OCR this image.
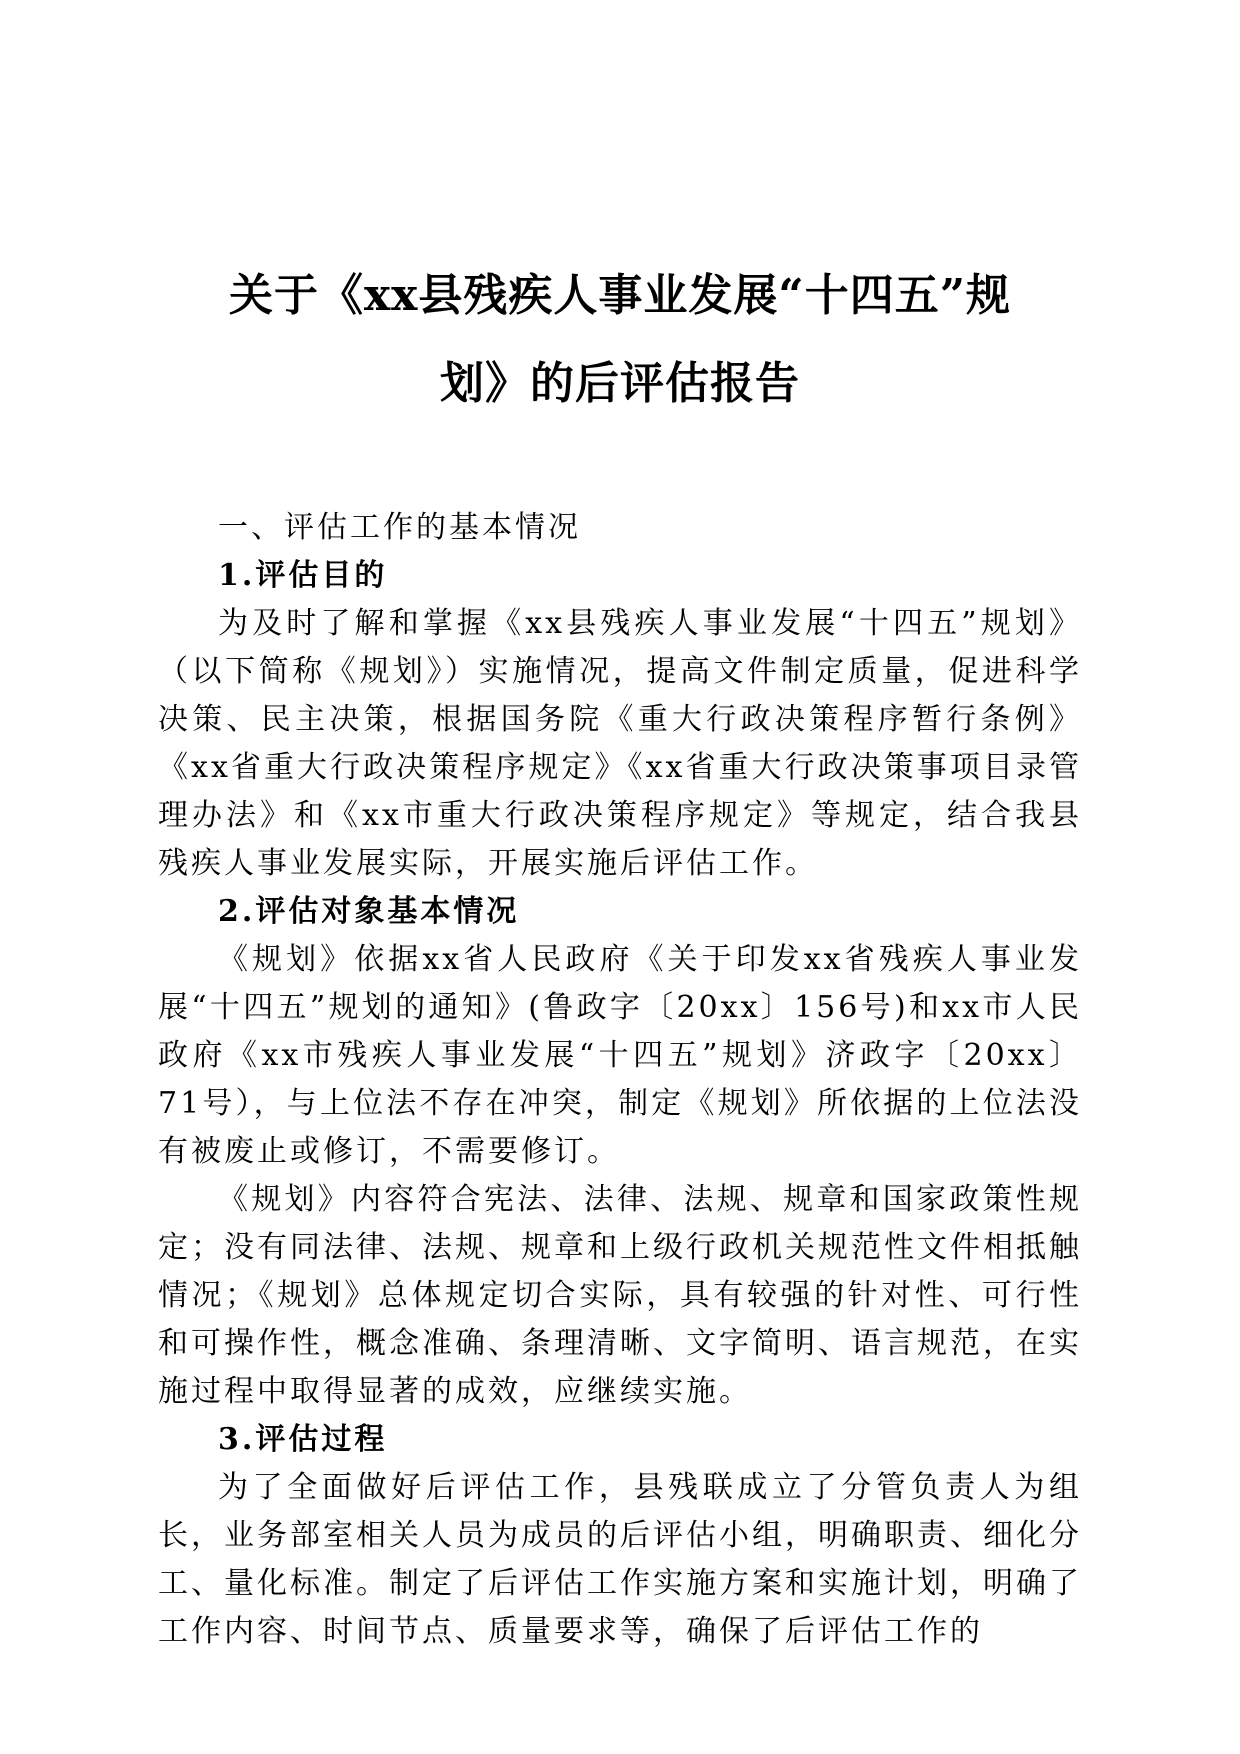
关于《xx县残疾人事业发展“十四五”规
划》的后评估报告
一、评估工作的基本情况
1.评估目的

为及时了解和掌握《xx县残疾人事业发展“十四五”规划》（以下简称《规划》）实施情况，提高文件制定质量，促进科学决策、民主决策，根据国务院《重大行政决策程序暂行条例》《xx省重大行政决策程序规定》《xx省重大行政决策事项目录管理办法》和《xx市重大行政决策程序规定》等规定，结合我县残疾人事业发展实际，开展实施后评估工作。

2.评估对象基本情况

《规划》依据xx省人民政府《关于印发xx省残疾人事业发展“十四五”规划的通知》(鲁政字〔20xx〕156号)和xx市人民政府《xx市残疾人事业发展“十四五”规划》济政字〔20xx〕71号），与上位法不存在冲突，制定《规划》所依据的上位法没有被废止或修订，不需要修订。

《规划》内容符合宪法、法律、法规、规章和国家政策性规定；没有同法律、法规、规章和上级行政机关规范性文件相抵触情况；《规划》总体规定切合实际，具有较强的针对性、可行性和可操作性，概念准确、条理清晰、文字简明、语言规范，在实施过程中取得显著的成效，应继续实施。

3.评估过程

为了全面做好后评估工作，县残联成立了分管负责人为组长，业务部室相关人员为成员的后评估小组，明确职责、细化分工、量化标准。制定了后评估工作实施方案和实施计划，明确了工作内容、时间节点、质量要求等，确保了后评估工作的
